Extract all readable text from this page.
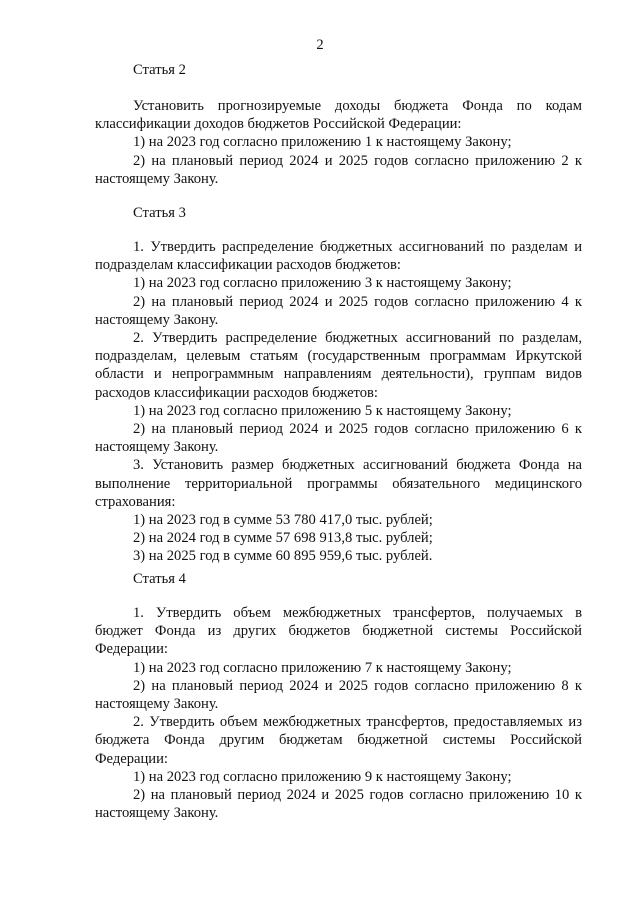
2
Статья 2

Установить прогнозируемые доходы бюджета Фонда по кодам классификации доходов бюджетов Российской Федерации:

1) на 2023 год согласно приложению 1 к настоящему Закону;

2) на плановый период 2024 и 2025 годов согласно приложению 2 к настоящему Закону.

Статья 3

1. Утвердить распределение бюджетных ассигнований по разделам и подразделам классификации расходов бюджетов:

1) на 2023 год согласно приложению 3 к настоящему Закону;

2) на плановый период 2024 и 2025 годов согласно приложению 4 к настоящему Закону.

2. Утвердить распределение бюджетных ассигнований по разделам, подразделам, целевым статьям (государственным программам Иркутской области и непрограммным направлениям деятельности), группам видов расходов классификации расходов бюджетов:

1) на 2023 год согласно приложению 5 к настоящему Закону;

2) на плановый период 2024 и 2025 годов согласно приложению 6 к настоящему Закону.

3. Установить размер бюджетных ассигнований бюджета Фонда на выполнение территориальной программы обязательного медицинского страхования:

1) на 2023 год в сумме 53 780 417,0 тыс. рублей;

2) на 2024 год в сумме 57 698 913,8 тыс. рублей;

3) на 2025 год в сумме 60 895 959,6 тыс. рублей.

Статья 4

1. Утвердить объем межбюджетных трансфертов, получаемых в бюджет Фонда из других бюджетов бюджетной системы Российской Федерации:

1) на 2023 год согласно приложению 7 к настоящему Закону;

2) на плановый период 2024 и 2025 годов согласно приложению 8 к настоящему Закону.

2. Утвердить объем межбюджетных трансфертов, предоставляемых из бюджета Фонда другим бюджетам бюджетной системы Российской Федерации:

1) на 2023 год согласно приложению 9 к настоящему Закону;

2) на плановый период 2024 и 2025 годов согласно приложению 10 к настоящему Закону.
